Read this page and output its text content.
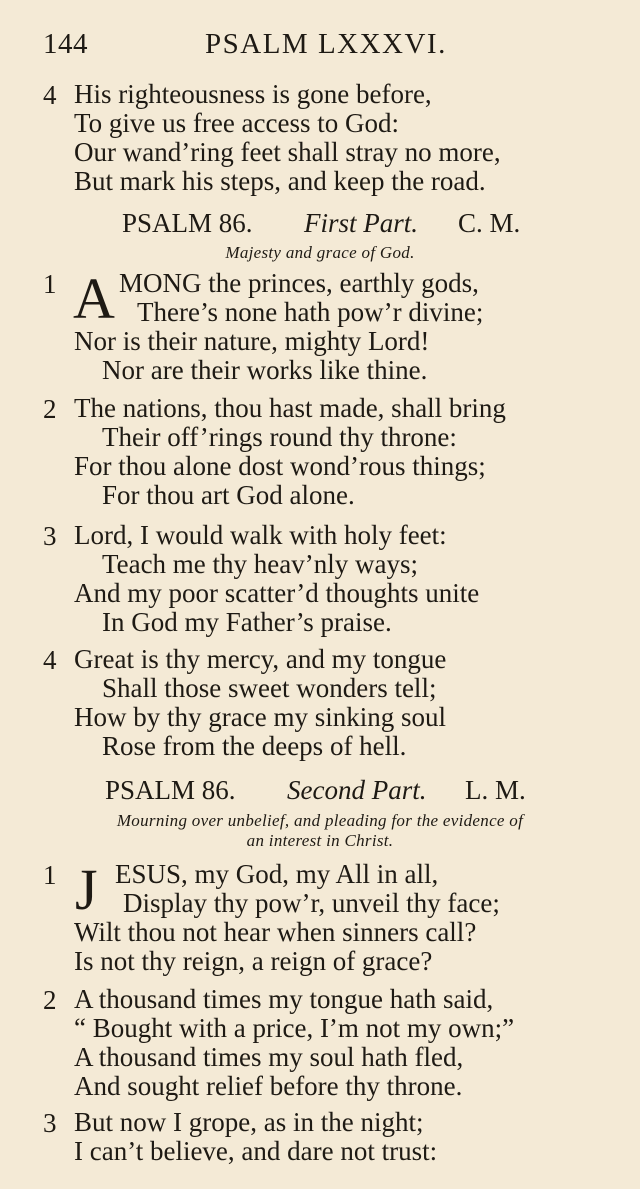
144	PSALM LXXXVI.
4 His righteousness is gone before,
To give us free access to God:
Our wand’ring feet shall stray no more,
But mark his steps, and keep the road.
PSALM 86. First Part. C. M.
Majesty and grace of God.
1 A MONG the princes, earthly gods,
There’s none hath pow’r divine;
Nor is their nature, mighty Lord!
Nor are their works like thine.
2 The nations, thou hast made, shall bring
Their off’rings round thy throne:
For thou alone dost wond’rous things;
For thou art God alone.
3 Lord, I would walk with holy feet:
Teach me thy heav’nly ways;
And my poor scatter’d thoughts unite
In God my Father’s praise.
4 Great is thy mercy, and my tongue
Shall those sweet wonders tell;
How by thy grace my sinking soul
Rose from the deeps of hell.
PSALM 86. Second Part. L. M.
Mourning over unbelief, and pleading for the evidence of
an interest in Christ.
1 J ESUS, my God, my All in all,
Display thy pow’r, unveil thy face;
Wilt thou not hear when sinners call?
Is not thy reign, a reign of grace?
2 A thousand times my tongue hath said,
“ Bought with a price, I’m not my own;”
A thousand times my soul hath fled,
And sought relief before thy throne.
3 But now I grope, as in the night;
I can’t believe, and dare not trust:
